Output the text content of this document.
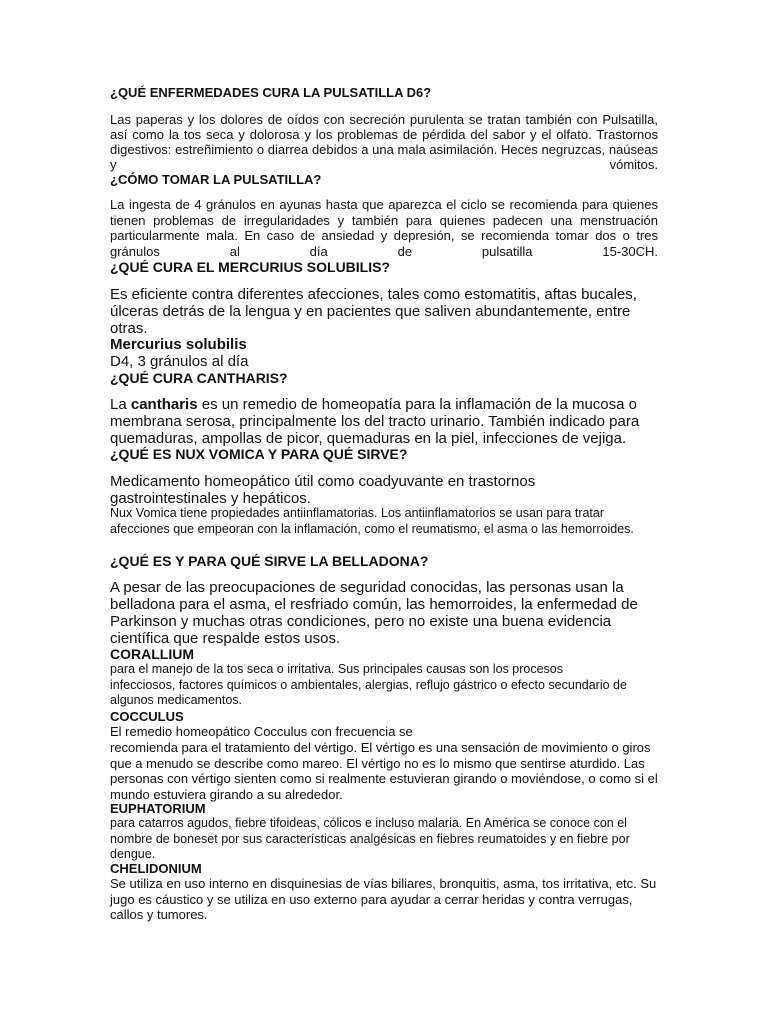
¿QUÉ ENFERMEDADES CURA LA PULSATILLA D6?

Las paperas y los dolores de oídos con secreción purulenta se tratan también con Pulsatilla, así como la tos seca y dolorosa y los problemas de pérdida del sabor y el olfato. Trastornos digestivos: estreñimiento o diarrea debidos a una mala asimilación. Heces negruzcas, naúseas y vómitos.

¿CÓMO TOMAR LA PULSATILLA?

La ingesta de 4 gránulos en ayunas hasta que aparezca el ciclo se recomienda para quienes tienen problemas de irregularidades y también para quienes padecen una menstruación particularmente mala. En caso de ansiedad y depresión, se recomienda tomar dos o tres gránulos al día de pulsatilla 15-30CH.

¿QUÉ CURA EL MERCURIUS SOLUBILIS?

Es eficiente contra diferentes afecciones, tales como estomatitis, aftas bucales, úlceras detrás de la lengua y en pacientes que saliven abundantemente, entre otras.

Mercurius solubilis
D4, 3 gránulos al día
¿QUÉ CURA CANTHARIS?

La cantharis es un remedio de homeopatía para la inflamación de la mucosa o membrana serosa, principalmente los del tracto urinario. También indicado para quemaduras, ampollas de picor, quemaduras en la piel, infecciones de vejiga.

¿QUÉ ES NUX VOMICA Y PARA QUÉ SIRVE?

Medicamento homeopático útil como coadyuvante en trastornos gastrointestinales y hepáticos.

Nux Vomica tiene propiedades antiinflamatorias. Los antiinflamatorios se usan para tratar afecciones que empeoran con la inflamación, como el reumatismo, el asma o las hemorroides.

¿QUÉ ES Y PARA QUÉ SIRVE LA BELLADONA?

A pesar de las preocupaciones de seguridad conocidas, las personas usan la belladona para el asma, el resfriado común, las hemorroides, la enfermedad de Parkinson y muchas otras condiciones, pero no existe una buena evidencia científica que respalde estos usos.

CORALLIUM

para el manejo de la tos seca o irritativa. Sus principales causas son los procesos infecciosos, factores químicos o ambientales, alergias, reflujo gástrico o efecto secundario de algunos medicamentos.

COCCULUS
El remedio homeopático Cocculus con frecuencia se

recomienda para el tratamiento del vértigo. El vértigo es una sensación de movimiento o giros que a menudo se describe como mareo. El vértigo no es lo mismo que sentirse aturdido. Las personas con vértigo sienten como si realmente estuvieran girando o moviéndose, o como si el mundo estuviera girando a su alrededor.

EUPHATORIUM

para catarros agudos, fiebre tifoideas, cólicos e incluso malaria. En América se conoce con el nombre de boneset por sus características analgésicas en fiebres reumatoides y en fiebre por dengue.

CHELIDONIUM

Se utiliza en uso interno en disquinesias de vías biliares, bronquitis, asma, tos irritativa, etc. Su jugo es cáustico y se utiliza en uso externo para ayudar a cerrar heridas y contra verrugas, callos y tumores.
